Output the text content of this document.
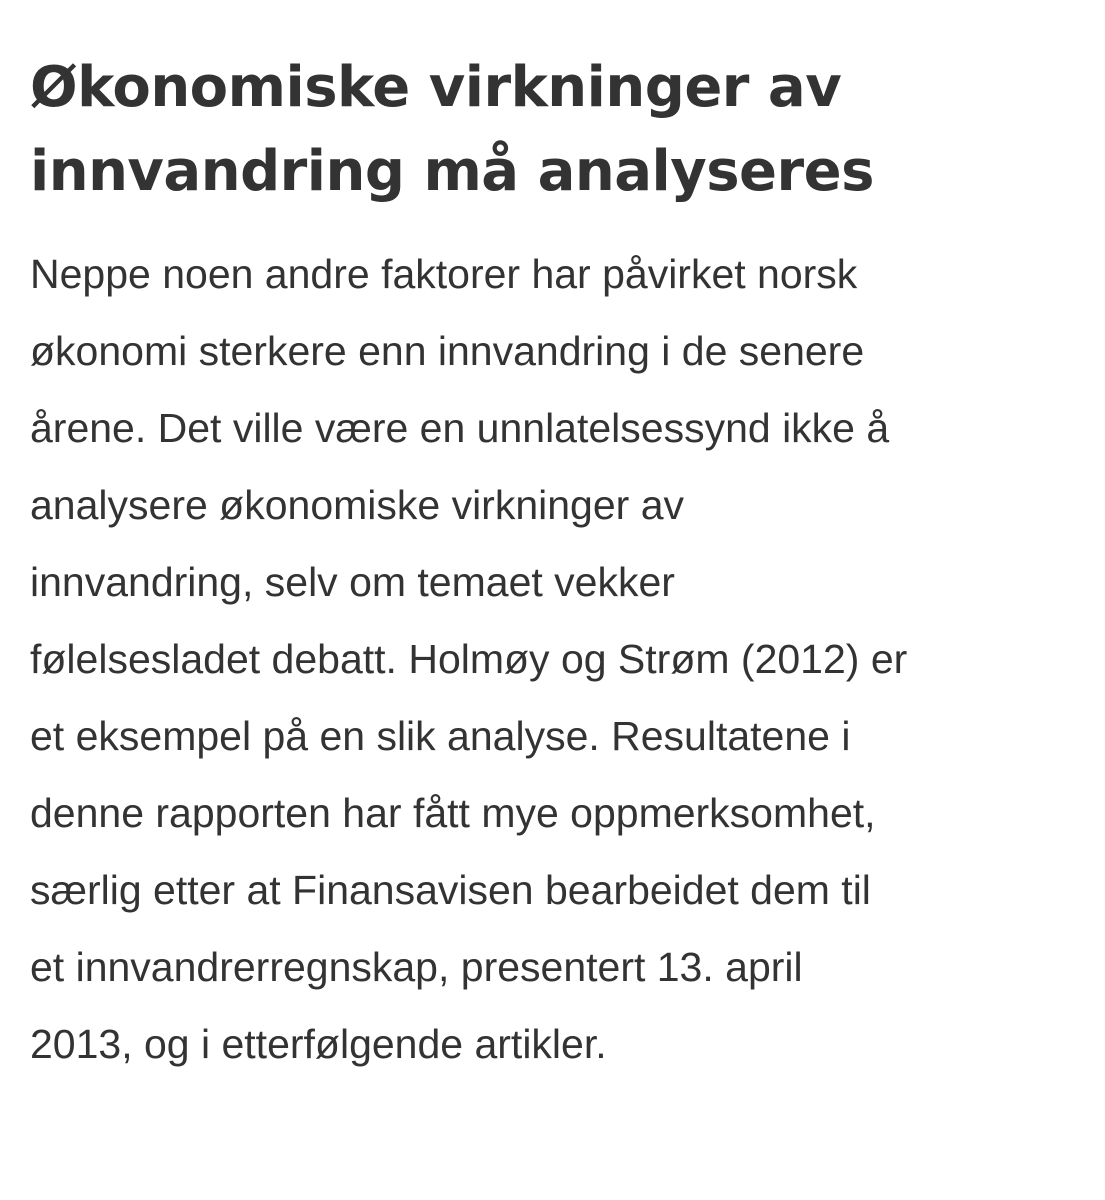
Økonomiske virkninger av
innvandring må analyseres

Neppe noen andre faktorer har påvirket norsk
økonomi sterkere enn innvandring i de senere
årene. Det ville være en unnlatelsessynd ikke å
analysere økonomiske virkninger av
innvandring, selv om temaet vekker
følelsesladet debatt. Holmøy og Strøm (2012) er
et eksempel på en slik analyse. Resultatene i
denne rapporten har fått mye oppmerksomhet,
særlig etter at Finansavisen bearbeidet dem til
et innvandrerregnskap, presentert 13. april
2013, og i etterfølgende artikler.
